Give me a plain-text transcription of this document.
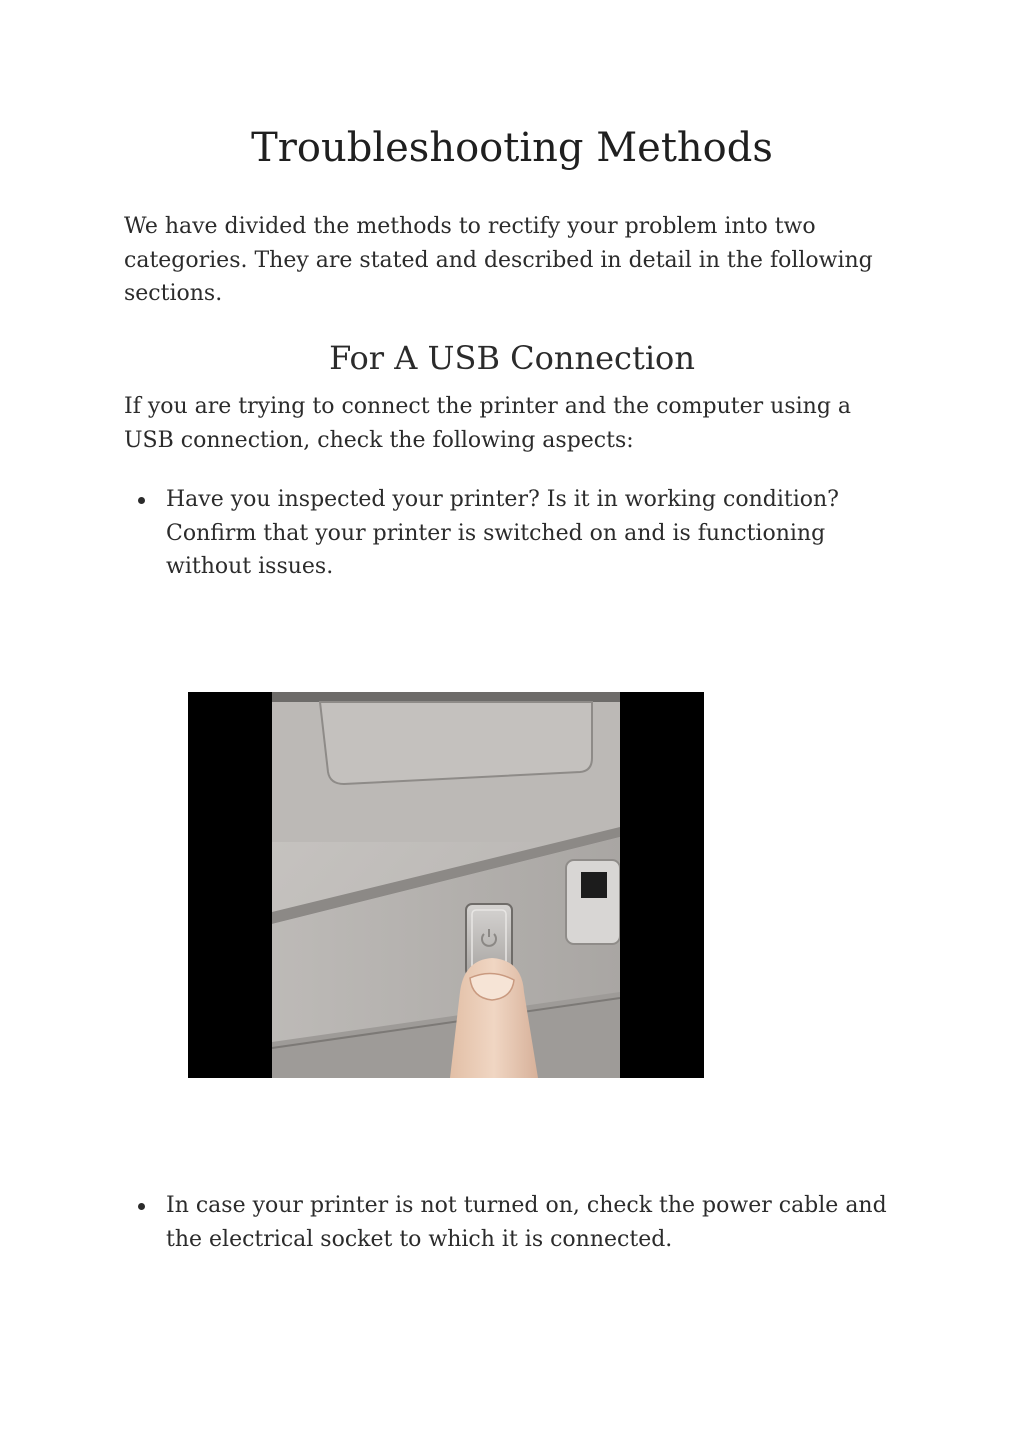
Troubleshooting Methods

We have divided the methods to rectify your problem into two categories. They are stated and described in detail in the following sections.

For A USB Connection

If you are trying to connect the printer and the computer using a USB connection, check the following aspects:

Have you inspected your printer? Is it in working condition? Confirm that your printer is switched on and is functioning without issues.
In case your printer is not turned on, check the power cable and the electrical socket to which it is connected.
